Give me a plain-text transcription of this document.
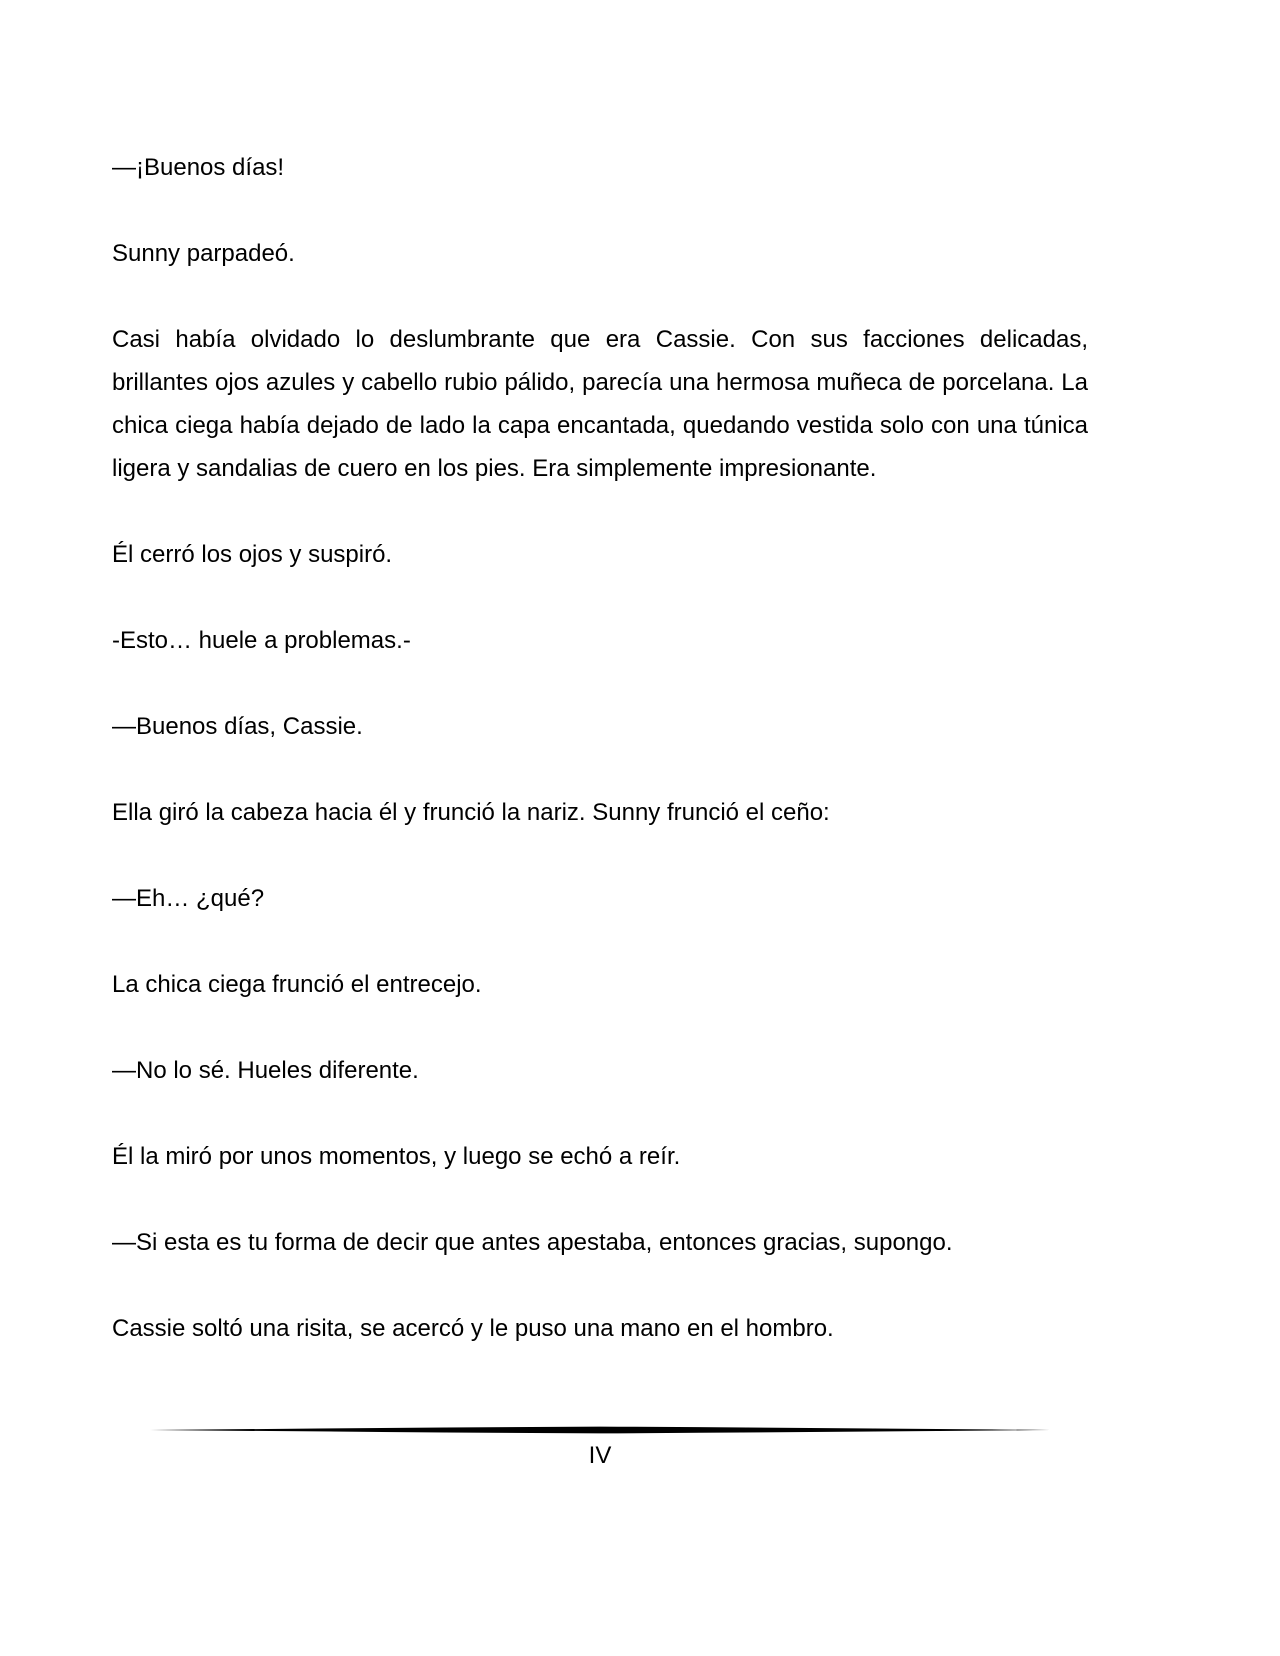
—¡Buenos días!

Sunny parpadeó.

Casi había olvidado lo deslumbrante que era Cassie. Con sus facciones delicadas, brillantes ojos azules y cabello rubio pálido, parecía una hermosa muñeca de porcelana. La chica ciega había dejado de lado la capa encantada, quedando vestida solo con una túnica ligera y sandalias de cuero en los pies. Era simplemente impresionante.

Él cerró los ojos y suspiró.

-Esto… huele a problemas.-

—Buenos días, Cassie.

Ella giró la cabeza hacia él y frunció la nariz. Sunny frunció el ceño:

—Eh… ¿qué?

La chica ciega frunció el entrecejo.

—No lo sé. Hueles diferente.

Él la miró por unos momentos, y luego se echó a reír.

—Si esta es tu forma de decir que antes apestaba, entonces gracias, supongo.

Cassie soltó una risita, se acercó y le puso una mano en el hombro.

IV
